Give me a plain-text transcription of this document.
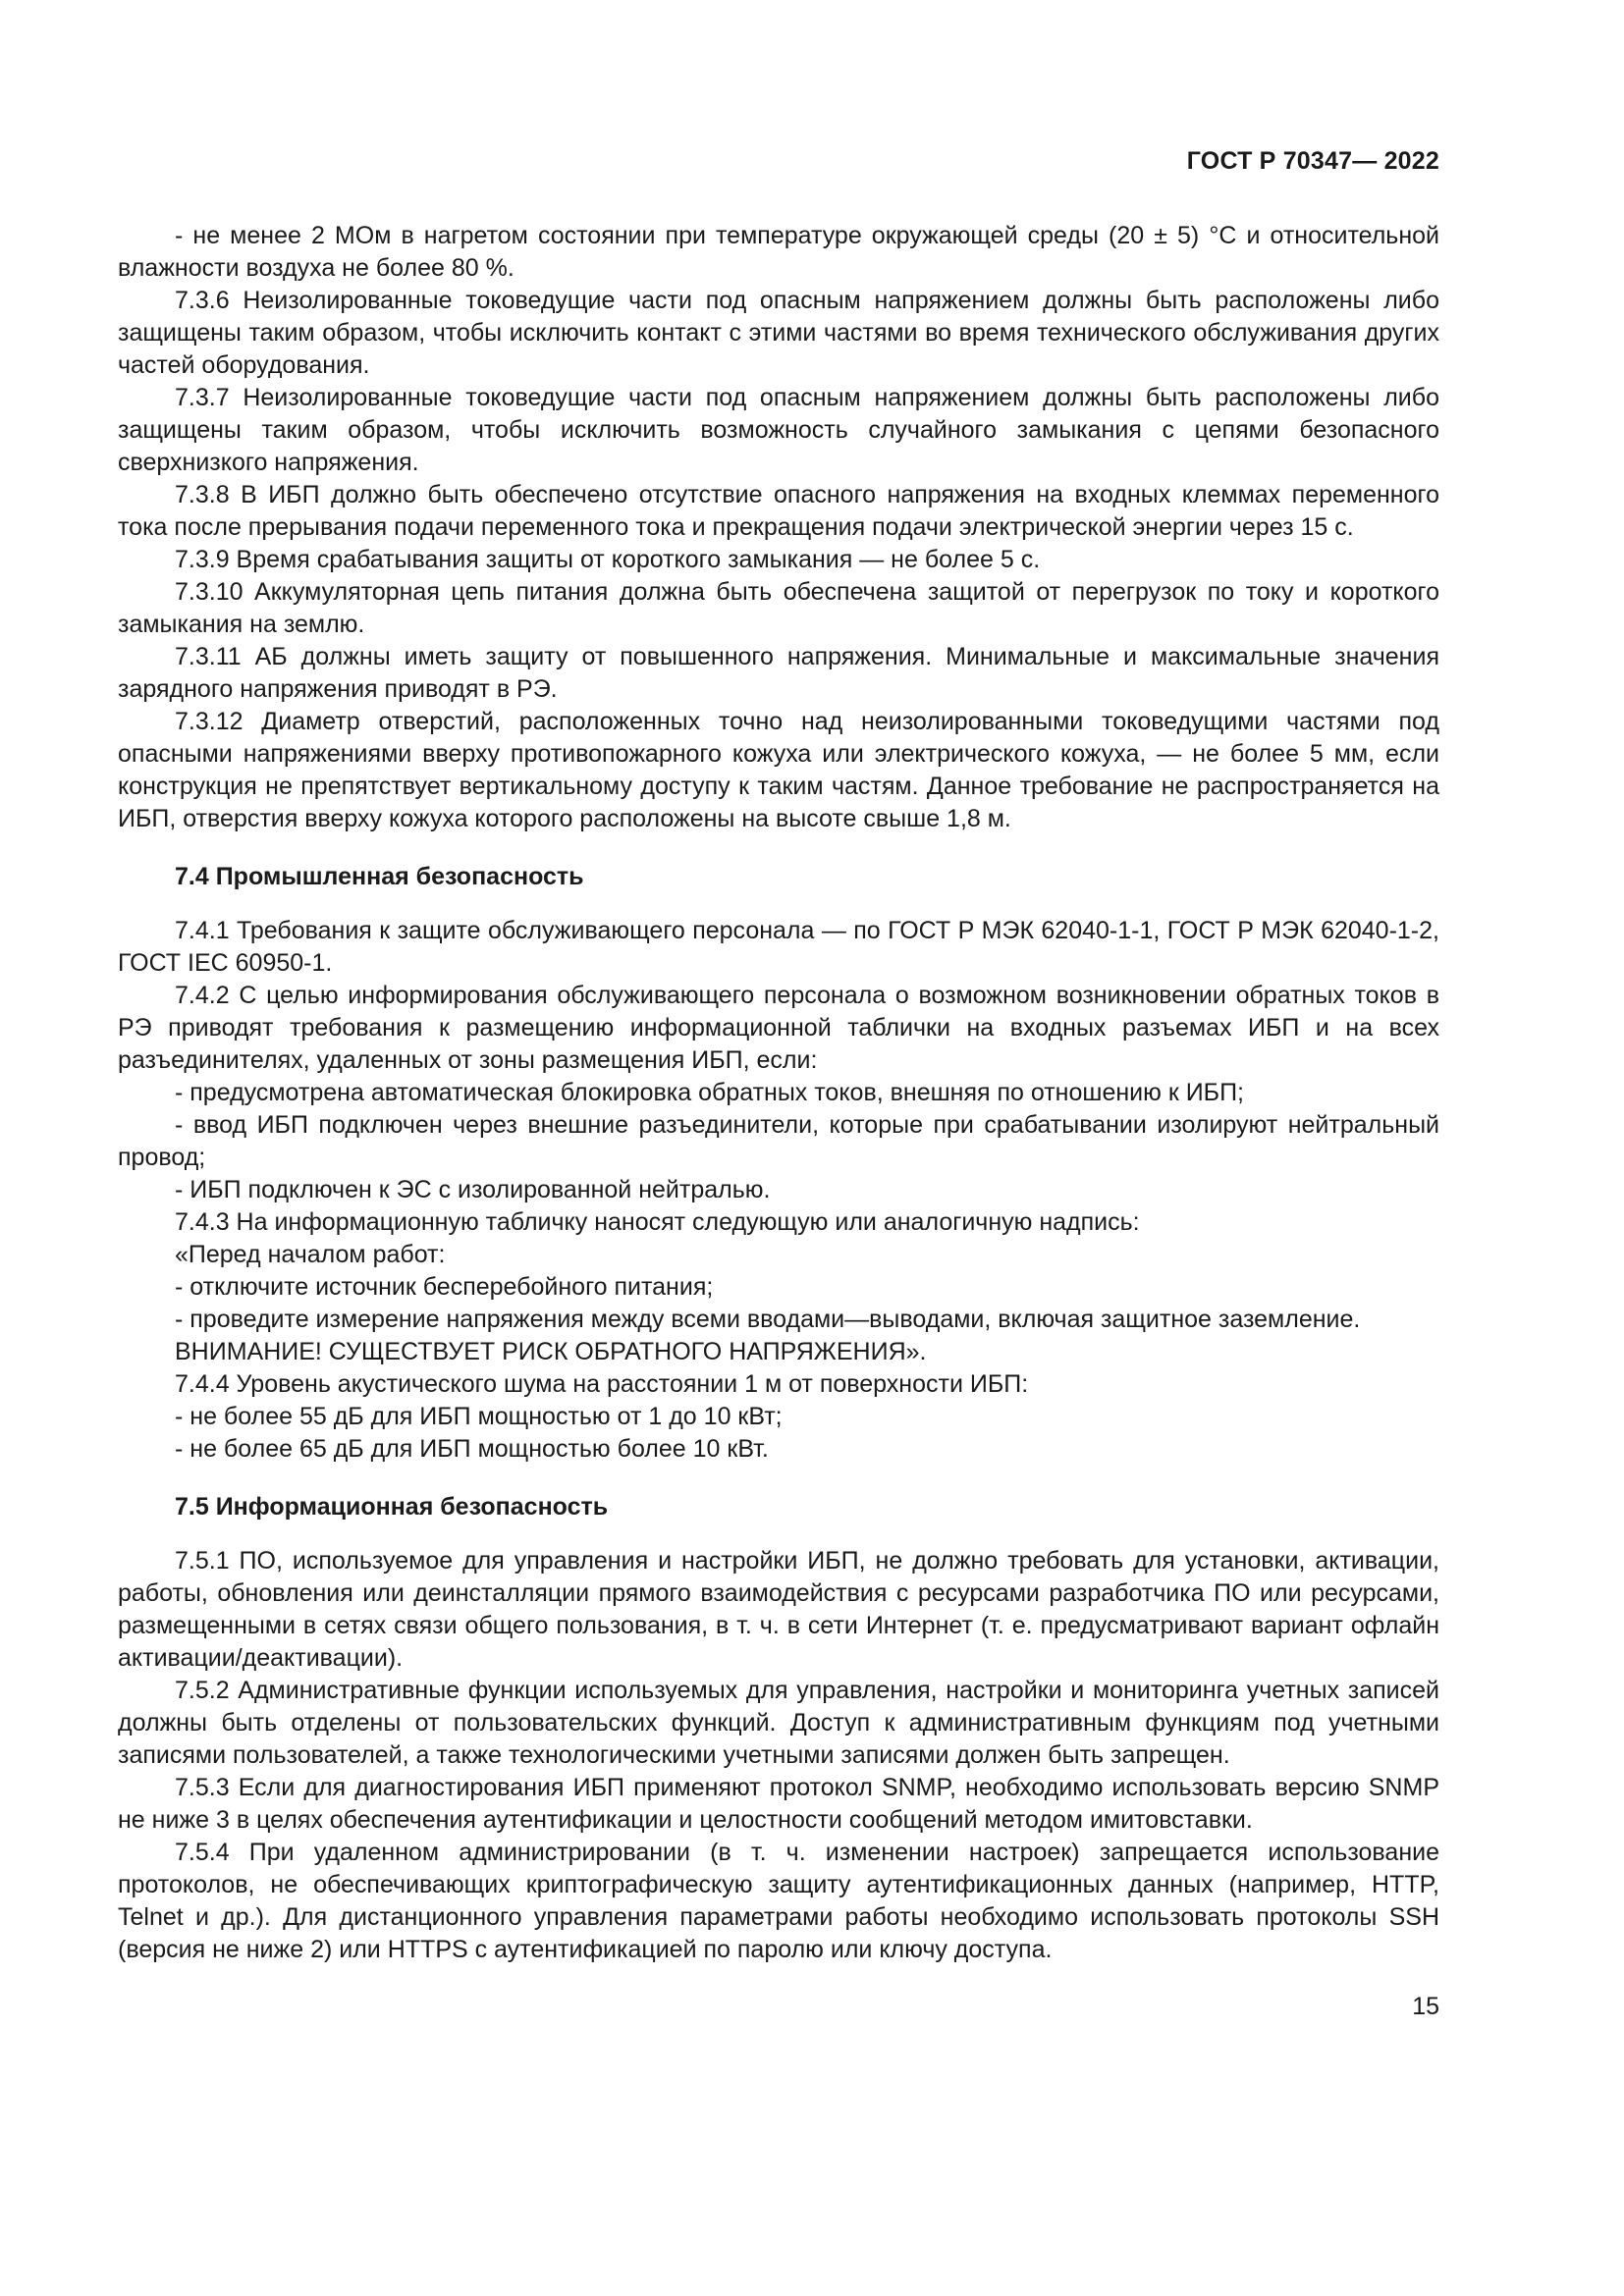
ГОСТ Р 70347— 2022

- не менее 2 МОм в нагретом состоянии при температуре окружающей среды (20 ± 5) °С и относительной влажности воздуха не более 80 %.

7.3.6 Неизолированные токоведущие части под опасным напряжением должны быть расположены либо защищены таким образом, чтобы исключить контакт с этими частями во время технического обслуживания других частей оборудования.

7.3.7 Неизолированные токоведущие части под опасным напряжением должны быть расположены либо защищены таким образом, чтобы исключить возможность случайного замыкания с цепями безопасного сверхнизкого напряжения.

7.3.8 В ИБП должно быть обеспечено отсутствие опасного напряжения на входных клеммах переменного тока после прерывания подачи переменного тока и прекращения подачи электрической энергии через 15 с.

7.3.9 Время срабатывания защиты от короткого замыкания — не более 5 с.

7.3.10 Аккумуляторная цепь питания должна быть обеспечена защитой от перегрузок по току и короткого замыкания на землю.

7.3.11 АБ должны иметь защиту от повышенного напряжения. Минимальные и максимальные значения зарядного напряжения приводят в РЭ.

7.3.12 Диаметр отверстий, расположенных точно над неизолированными токоведущими частями под опасными напряжениями вверху противопожарного кожуха или электрического кожуха, — не более 5 мм, если конструкция не препятствует вертикальному доступу к таким частям. Данное требование не распространяется на ИБП, отверстия вверху кожуха которого расположены на высоте свыше 1,8 м.

7.4 Промышленная безопасность

7.4.1 Требования к защите обслуживающего персонала — по ГОСТ Р МЭК 62040-1-1, ГОСТ Р МЭК 62040-1-2, ГОСТ IEC 60950-1.

7.4.2 С целью информирования обслуживающего персонала о возможном возникновении обратных токов в РЭ приводят требования к размещению информационной таблички на входных разъемах ИБП и на всех разъединителях, удаленных от зоны размещения ИБП, если:

- предусмотрена автоматическая блокировка обратных токов, внешняя по отношению к ИБП;

- ввод ИБП подключен через внешние разъединители, которые при срабатывании изолируют нейтральный провод;

- ИБП подключен к ЭС с изолированной нейтралью.

7.4.3 На информационную табличку наносят следующую или аналогичную надпись:

«Перед началом работ:

- отключите источник бесперебойного питания;

- проведите измерение напряжения между всеми вводами—выводами, включая защитное заземление.

ВНИМАНИЕ! СУЩЕСТВУЕТ РИСК ОБРАТНОГО НАПРЯЖЕНИЯ».

7.4.4 Уровень акустического шума на расстоянии 1 м от поверхности ИБП:

- не более 55 дБ для ИБП мощностью от 1 до 10 кВт;

- не более 65 дБ для ИБП мощностью более 10 кВт.

7.5 Информационная безопасность

7.5.1 ПО, используемое для управления и настройки ИБП, не должно требовать для установки, активации, работы, обновления или деинсталляции прямого взаимодействия с ресурсами разработчика ПО или ресурсами, размещенными в сетях связи общего пользования, в т. ч. в сети Интернет (т. е. предусматривают вариант офлайн активации/деактивации).

7.5.2 Административные функции используемых для управления, настройки и мониторинга учетных записей должны быть отделены от пользовательских функций. Доступ к административным функциям под учетными записями пользователей, а также технологическими учетными записями должен быть запрещен.

7.5.3 Если для диагностирования ИБП применяют протокол SNMP, необходимо использовать версию SNMP не ниже 3 в целях обеспечения аутентификации и целостности сообщений методом имитовставки.

7.5.4 При удаленном администрировании (в т. ч. изменении настроек) запрещается использование протоколов, не обеспечивающих криптографическую защиту аутентификационных данных (например, HTTP, Telnet и др.). Для дистанционного управления параметрами работы необходимо использовать протоколы SSH (версия не ниже 2) или HTTPS с аутентификацией по паролю или ключу доступа.

15
